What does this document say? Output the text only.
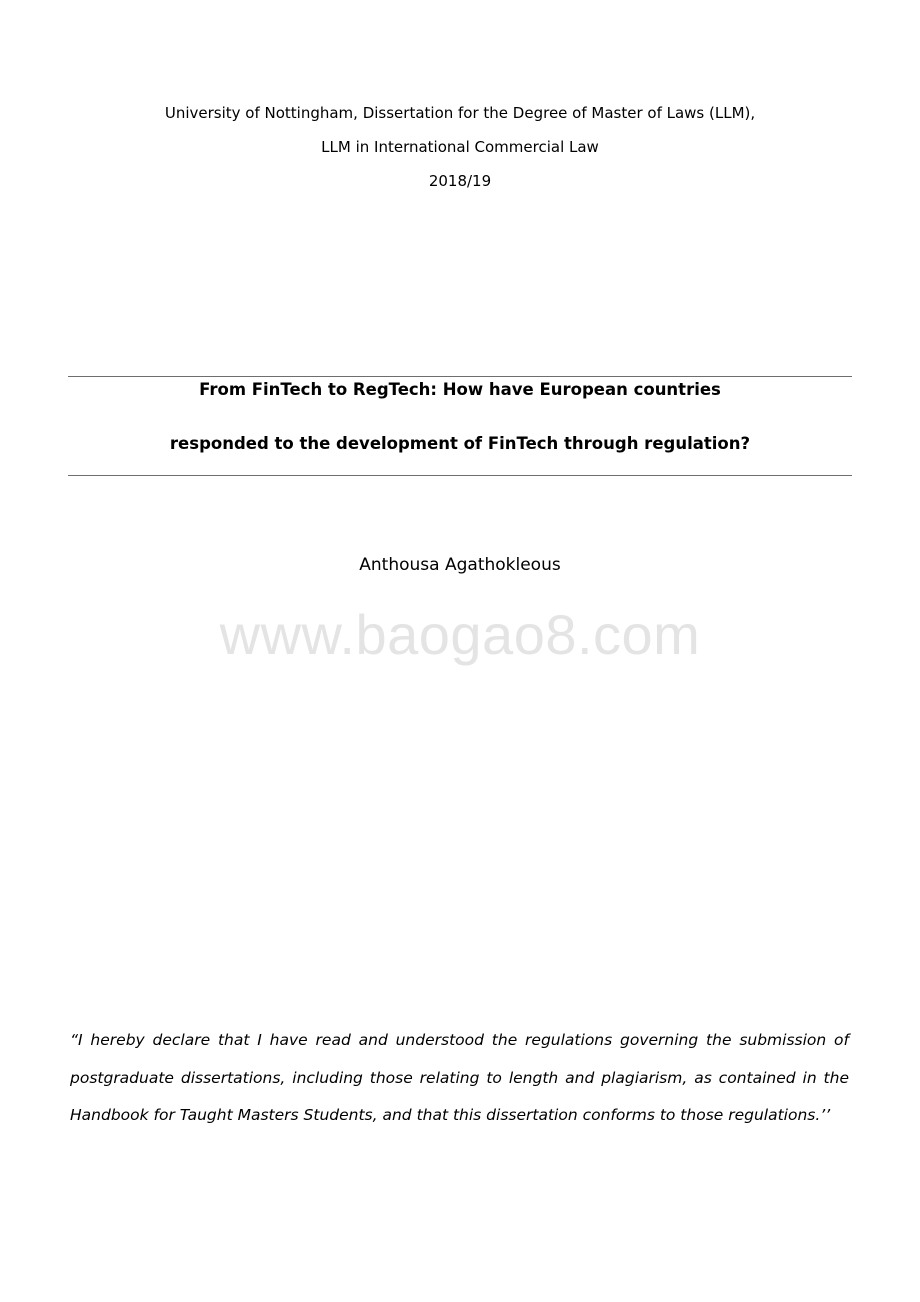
University of Nottingham, Dissertation for the Degree of Master of Laws (LLM),
LLM in International Commercial Law
2018/19
From FinTech to RegTech: How have European countries
responded to the development of FinTech through regulation?
Anthousa Agathokleous
www.baogao8.com
“I hereby declare that I have read and understood the regulations governing the submission of postgraduate dissertations, including those relating to length and plagiarism, as contained in the Handbook for Taught Masters Students, and that this dissertation conforms to those regulations.’’
